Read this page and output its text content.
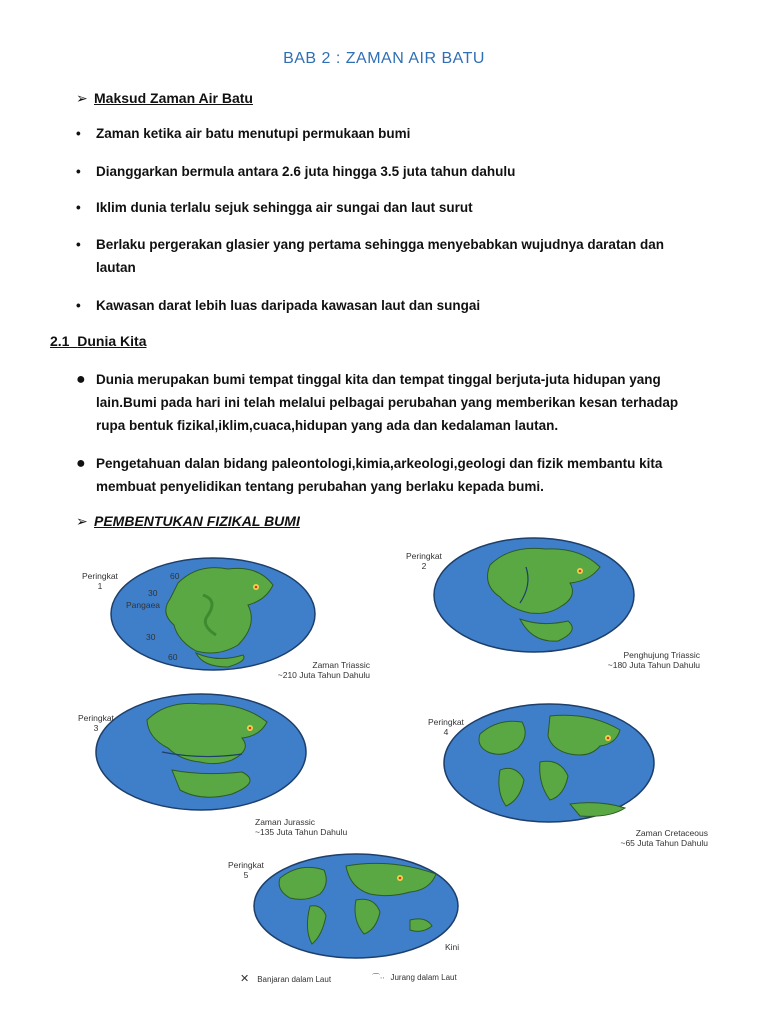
BAB 2 : ZAMAN AIR BATU
➢ Maksud Zaman Air Batu
•	Zaman ketika air batu menutupi permukaan bumi
•	Dianggarkan bermula antara 2.6 juta hingga 3.5 juta tahun dahulu
•	Iklim dunia terlalu sejuk sehingga air sungai dan laut surut
•	Berlaku pergerakan glasier yang pertama sehingga menyebabkan wujudnya daratan dan lautan
•	Kawasan darat lebih luas daripada kawasan laut dan sungai
2.1 Dunia Kita
● Dunia merupakan bumi tempat tinggal kita dan tempat tinggal berjuta-juta hidupan yang lain.Bumi pada hari ini telah melalui pelbagai perubahan yang memberikan kesan terhadap rupa bentuk fizikal,iklim,cuaca,hidupan yang ada dan kedalaman lautan.
● Pengetahuan dalan bidang paleontologi,kimia,arkeologi,geologi dan fizik membantu kita membuat penyelidikan tentang perubahan yang berlaku kepada bumi.
➢ PEMBENTUKAN FIZIKAL BUMI
Peringkat
1
60
30
Pangaea
30
60
Zaman Triassic
~210 Juta Tahun Dahulu
Peringkat
2
Penghujung Triassic
~180 Juta Tahun Dahulu
Peringkat
3
Zaman Jurassic
~135 Juta Tahun Dahulu
Peringkat
4
Zaman Cretaceous
~65 Juta Tahun Dahulu
Peringkat
5
Kini
✕ Banjaran dalam Laut	⌒∙∙ Jurang dalam Laut
